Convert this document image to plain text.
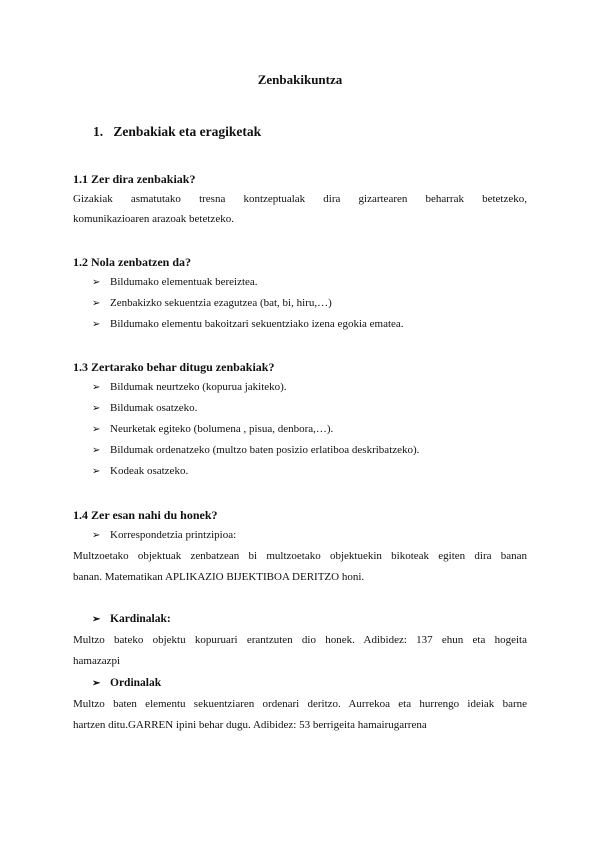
Zenbakikuntza
1. Zenbakiak eta eragiketak
1.1 Zer dira zenbakiak?
Gizakiak asmatutako tresna kontzeptualak dira gizartearen beharrak betetzeko,
komunikazioaren arazoak betetzeko.
1.2 Nola zenbatzen da?
➢ Bildumako elementuak bereiztea.
➢ Zenbakizko sekuentzia ezagutzea (bat, bi, hiru,…)
➢ Bildumako elementu bakoitzari sekuentziako izena egokia ematea.
1.3 Zertarako behar ditugu zenbakiak?
➢ Bildumak neurtzeko (kopurua jakiteko).
➢ Bildumak osatzeko.
➢ Neurketak egiteko (bolumena , pisua, denbora,…).
➢ Bildumak ordenatzeko (multzo baten posizio erlatiboa deskribatzeko).
➢ Kodeak osatzeko.
1.4 Zer esan nahi du honek?
➢ Korrespondetzia printzipioa:
Multzoetako objektuak zenbatzean bi multzoetako objektuekin bikoteak egiten dira banan
banan. Matematikan APLIKAZIO BIJEKTIBOA DERITZO honi.
➢ Kardinalak:
Multzo bateko objektu kopuruari erantzuten dio honek. Adibidez: 137 ehun eta hogeita
hamazazpi
➢ Ordinalak
Multzo baten elementu sekuentziaren ordenari deritzo. Aurrekoa eta hurrengo ideiak barne
hartzen ditu.GARREN ipini behar dugu. Adibidez: 53 berrigeita hamairugarrena
